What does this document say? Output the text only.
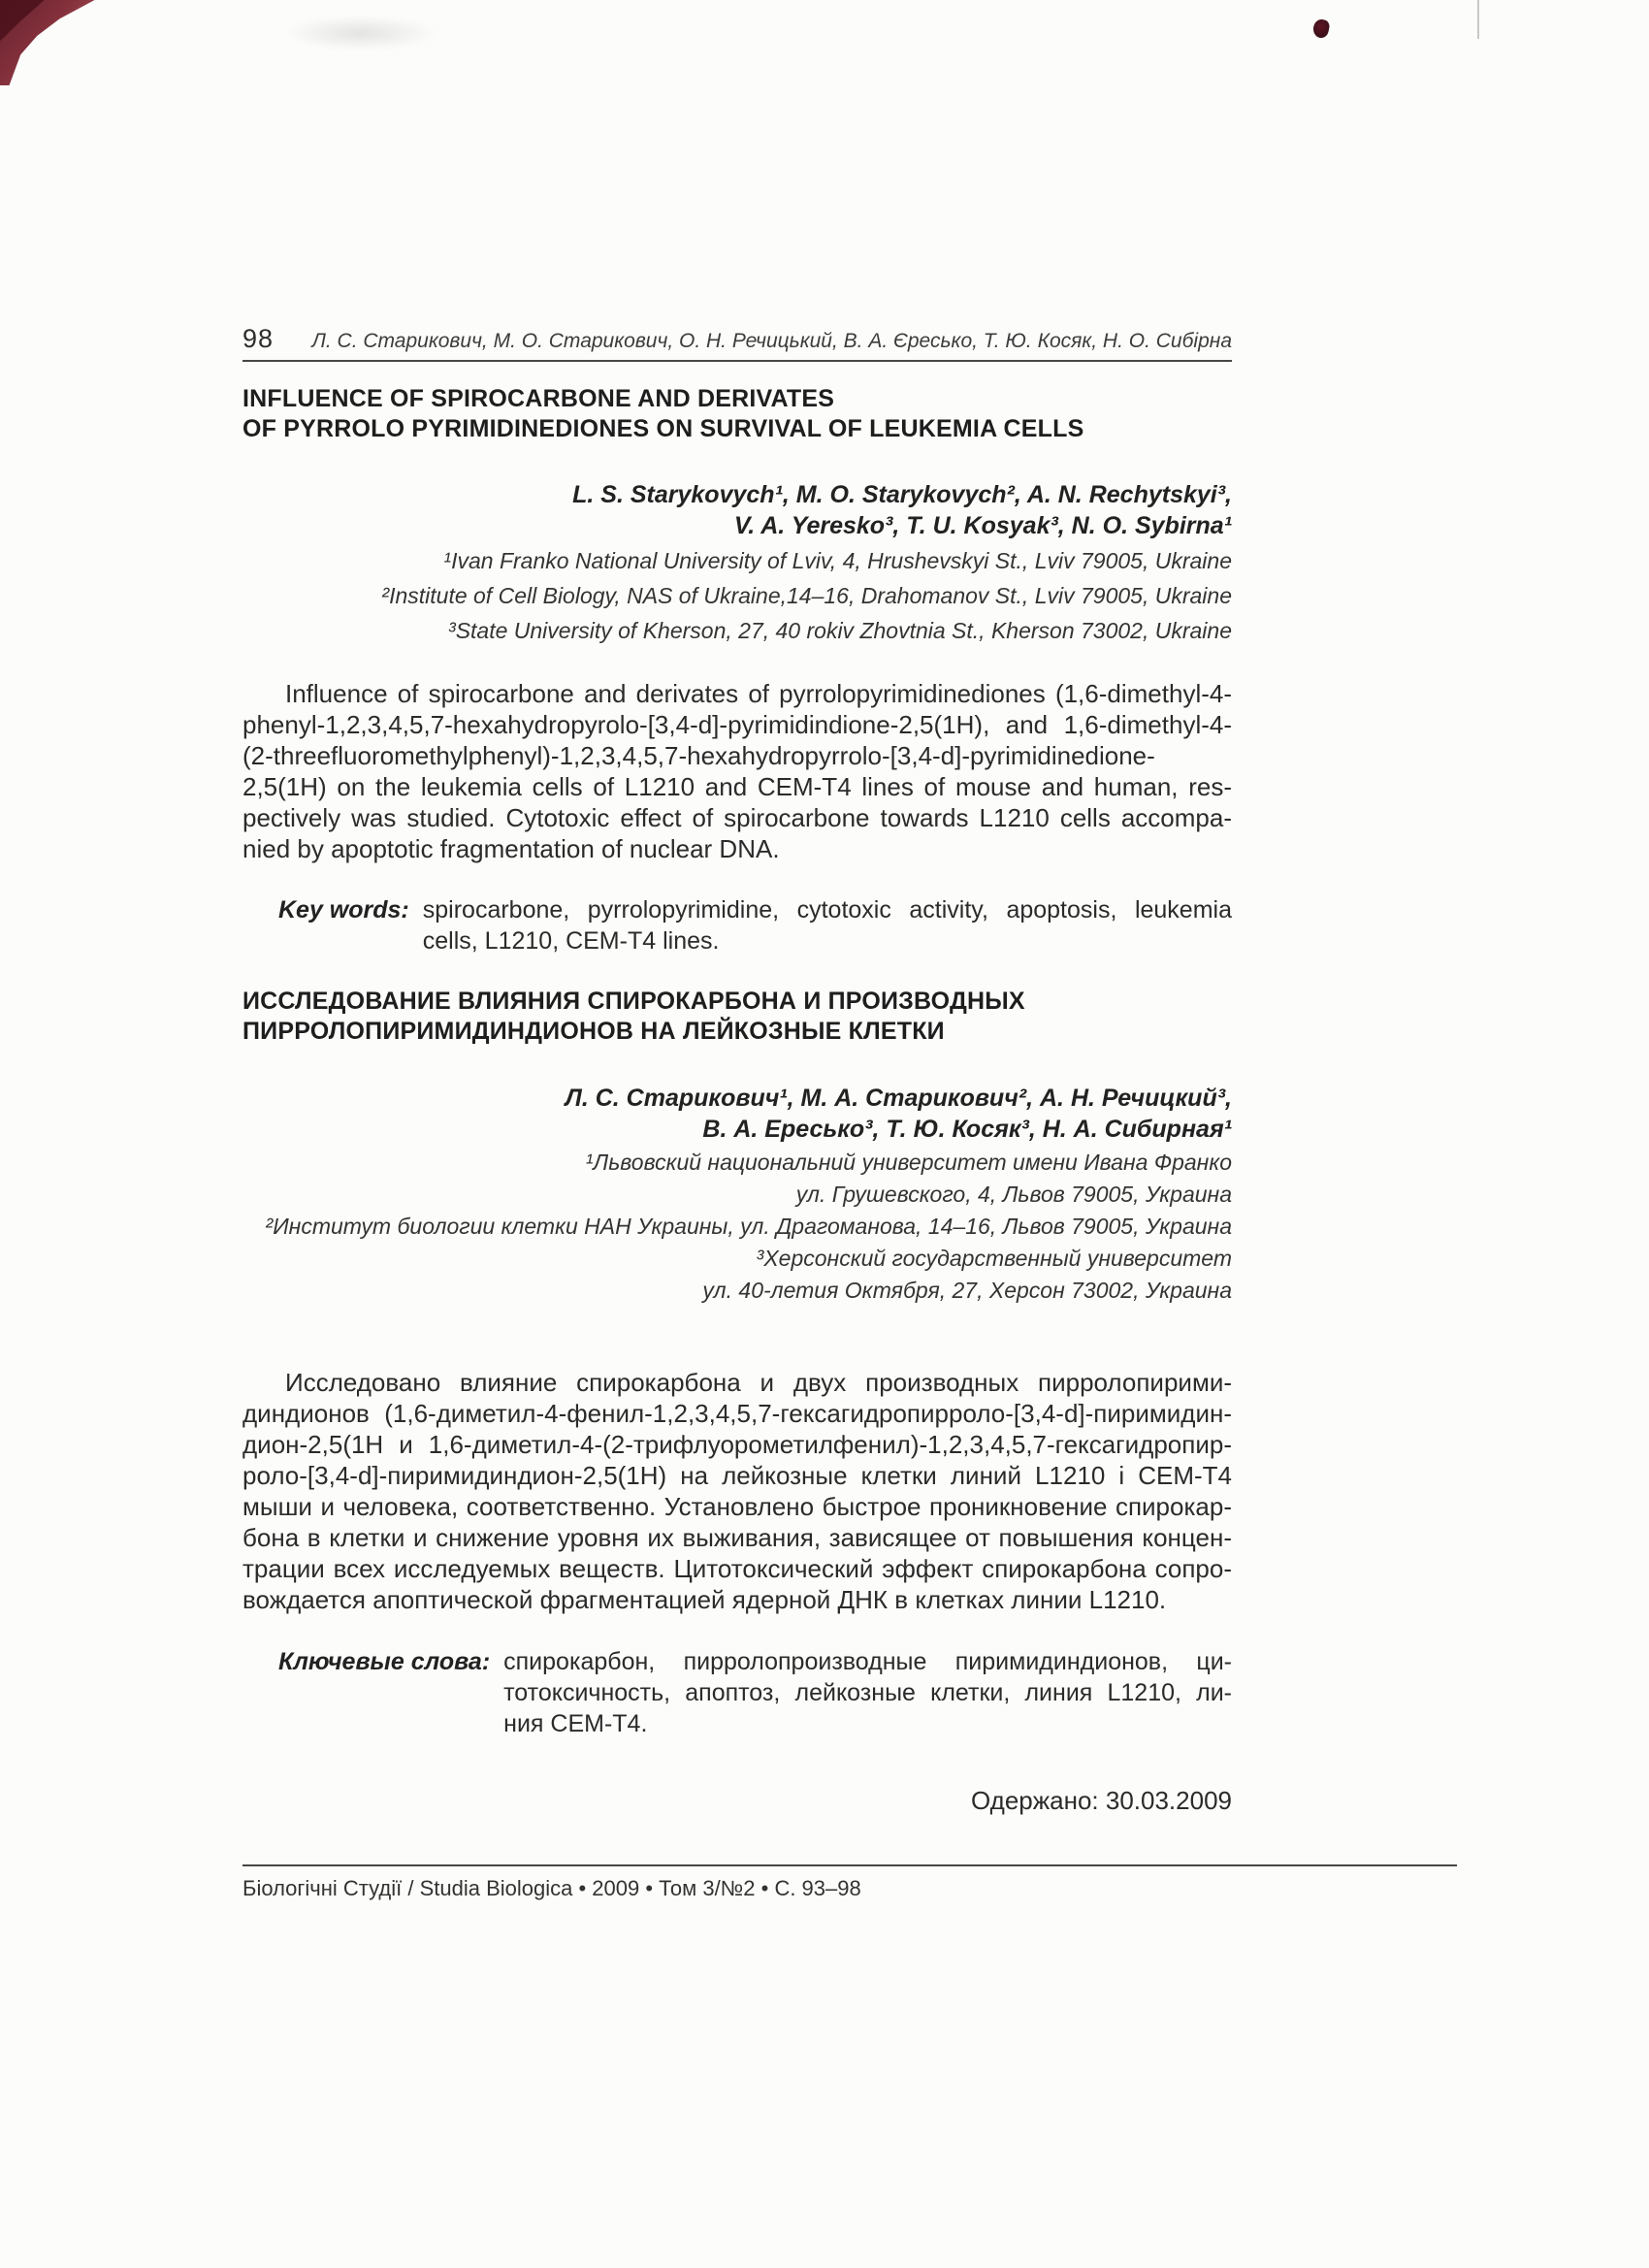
98 Л. С. Старикович, М. О. Старикович, О. Н. Речицький, В. А. Єресько, Т. Ю. Косяк, Н. О. Сибірна
INFLUENCE OF SPIROCARBONE AND DERIVATES
OF PYRROLO PYRIMIDINEDIONES ON SURVIVAL OF LEUKEMIA CELLS
L. S. Starykovych¹, M. O. Starykovych², A. N. Rechytskyi³,
V. A. Yeresko³, T. U. Kosyak³, N. O. Sybirna¹
¹Ivan Franko National University of Lviv, 4, Hrushevskyi St., Lviv 79005, Ukraine
²Institute of Cell Biology, NAS of Ukraine,14–16, Drahomanov St., Lviv 79005, Ukraine
³State University of Kherson, 27, 40 rokiv Zhovtnia St., Kherson 73002, Ukraine
Influence of spirocarbone and derivates of pyrrolopyrimidinediones (1,6-dimethyl-4-
phenyl-1,2,3,4,5,7-hexahydropyrolo-[3,4-d]-pyrimidindione-2,5(1H), and 1,6-dimethyl-4-
(2-threefluoromethylphenyl)-1,2,3,4,5,7-hexahydropyrrolo-[3,4-d]-pyrimidinedione-
2,5(1H) on the leukemia cells of L1210 and CEM-T4 lines of mouse and human, res-
pectively was studied. Cytotoxic effect of spirocarbone towards L1210 cells accompa-
nied by apoptotic fragmentation of nuclear DNA.
Key words: spirocarbone, pyrrolopyrimidine, cytotoxic activity, apoptosis, leukemia
cells, L1210, CEM-T4 lines.
ИССЛЕДОВАНИЕ ВЛИЯНИЯ СПИРОКАРБОНА И ПРОИЗВОДНЫХ
ПИРРОЛОПИРИМИДИНДИОНОВ НА ЛЕЙКОЗНЫЕ КЛЕТКИ
Л. С. Старикович¹, М. А. Старикович², А. Н. Речицкий³,
В. А. Ересько³, Т. Ю. Косяк³, Н. А. Сибирная¹
¹Львовский национальний университет имени Ивана Франко
ул. Грушевского, 4, Львов 79005, Украина
²Институт биологии клетки НАН Украины, ул. Драгоманова, 14–16, Львов 79005, Украина
³Херсонский государственный университет
ул. 40-летия Октября, 27, Херсон 73002, Украина
Исследовано влияние спирокарбона и двух производных пирролопирими-
диндионов (1,6-диметил-4-фенил-1,2,3,4,5,7-гексагидропирроло-[3,4-d]-пиримидин-
дион-2,5(1Н и 1,6-диметил-4-(2-трифлуорометилфенил)-1,2,3,4,5,7-гексагидропир-
роло-[3,4-d]-пиримидиндион-2,5(1Н) на лейкозные клетки линий L1210 і CEM-T4
мыши и человека, соответственно. Установлено быстрое проникновение спирокар-
бона в клетки и снижение уровня их выживания, зависящее от повышения концен-
трации всех исследуемых веществ. Цитотоксический эффект спирокарбона сопро-
вождается апоптической фрагментацией ядерной ДНК в клетках линии L1210.
Ключевые слова: спирокарбон, пирролопроизводные пиримидиндионов, ци-
тотоксичность, апоптоз, лейкозные клетки, линия L1210, ли-
ния CEM-T4.
Одержано: 30.03.2009
Біологічні Студії / Studia Biologica • 2009 • Том 3/№2 • С. 93–98
